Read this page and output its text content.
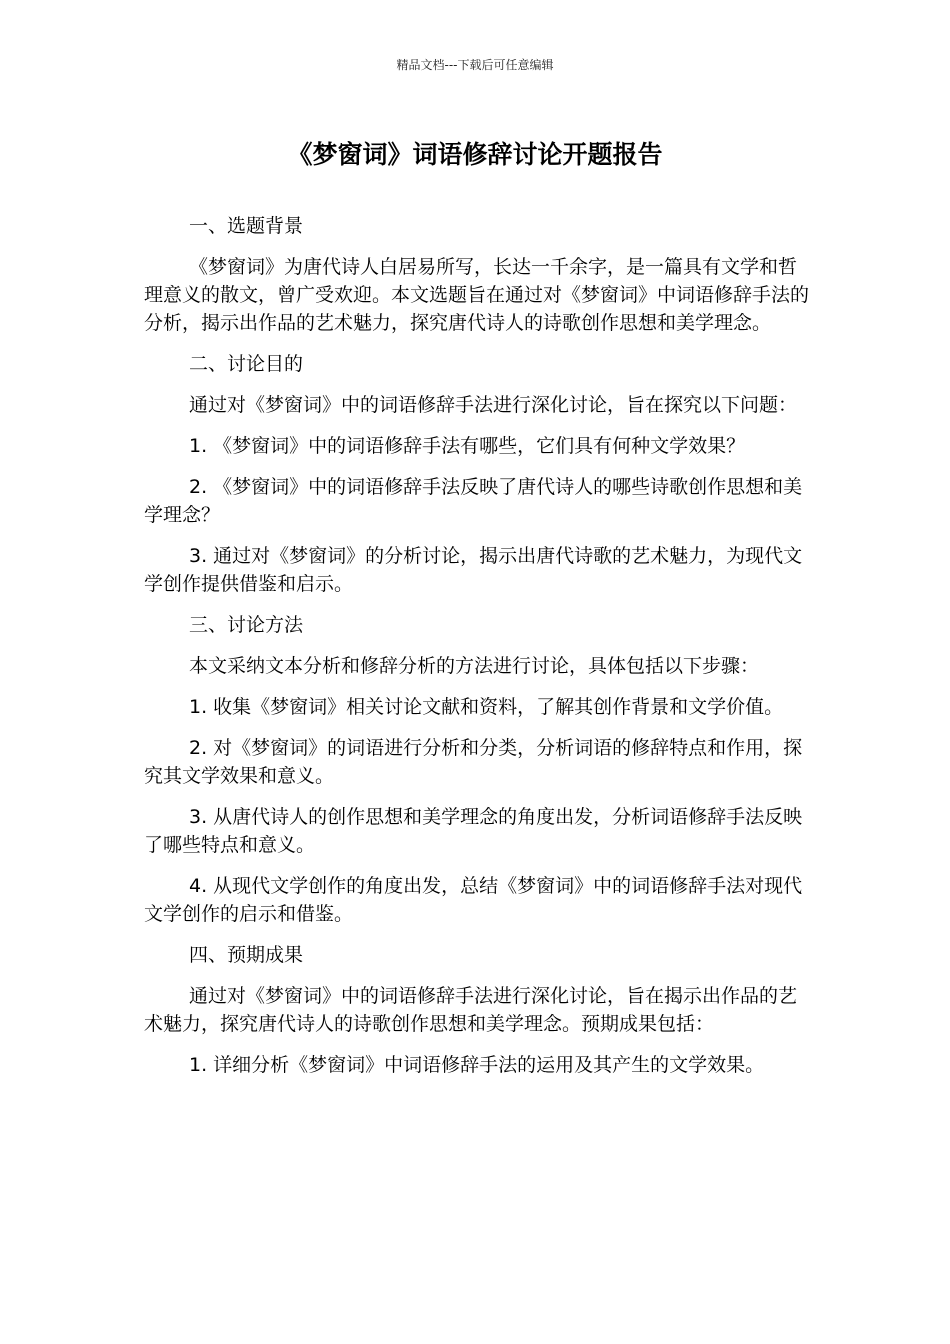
精品文档---下载后可任意编辑
《梦窗词》词语修辞讨论开题报告

一、选题背景

《梦窗词》为唐代诗人白居易所写，长达一千余字，是一篇具有文学和哲理意义的散文，曾广受欢迎。本文选题旨在通过对《梦窗词》中词语修辞手法的分析，揭示出作品的艺术魅力，探究唐代诗人的诗歌创作思想和美学理念。

二、讨论目的

通过对《梦窗词》中的词语修辞手法进行深化讨论，旨在探究以下问题：

1. 《梦窗词》中的词语修辞手法有哪些，它们具有何种文学效果？

2. 《梦窗词》中的词语修辞手法反映了唐代诗人的哪些诗歌创作思想和美学理念？

3. 通过对《梦窗词》的分析讨论，揭示出唐代诗歌的艺术魅力，为现代文学创作提供借鉴和启示。

三、讨论方法

本文采纳文本分析和修辞分析的方法进行讨论，具体包括以下步骤：

1. 收集《梦窗词》相关讨论文献和资料，了解其创作背景和文学价值。

2. 对《梦窗词》的词语进行分析和分类，分析词语的修辞特点和作用，探究其文学效果和意义。

3. 从唐代诗人的创作思想和美学理念的角度出发，分析词语修辞手法反映了哪些特点和意义。

4. 从现代文学创作的角度出发，总结《梦窗词》中的词语修辞手法对现代文学创作的启示和借鉴。

四、预期成果

通过对《梦窗词》中的词语修辞手法进行深化讨论，旨在揭示出作品的艺术魅力，探究唐代诗人的诗歌创作思想和美学理念。预期成果包括：

1. 详细分析《梦窗词》中词语修辞手法的运用及其产生的文学效果。
